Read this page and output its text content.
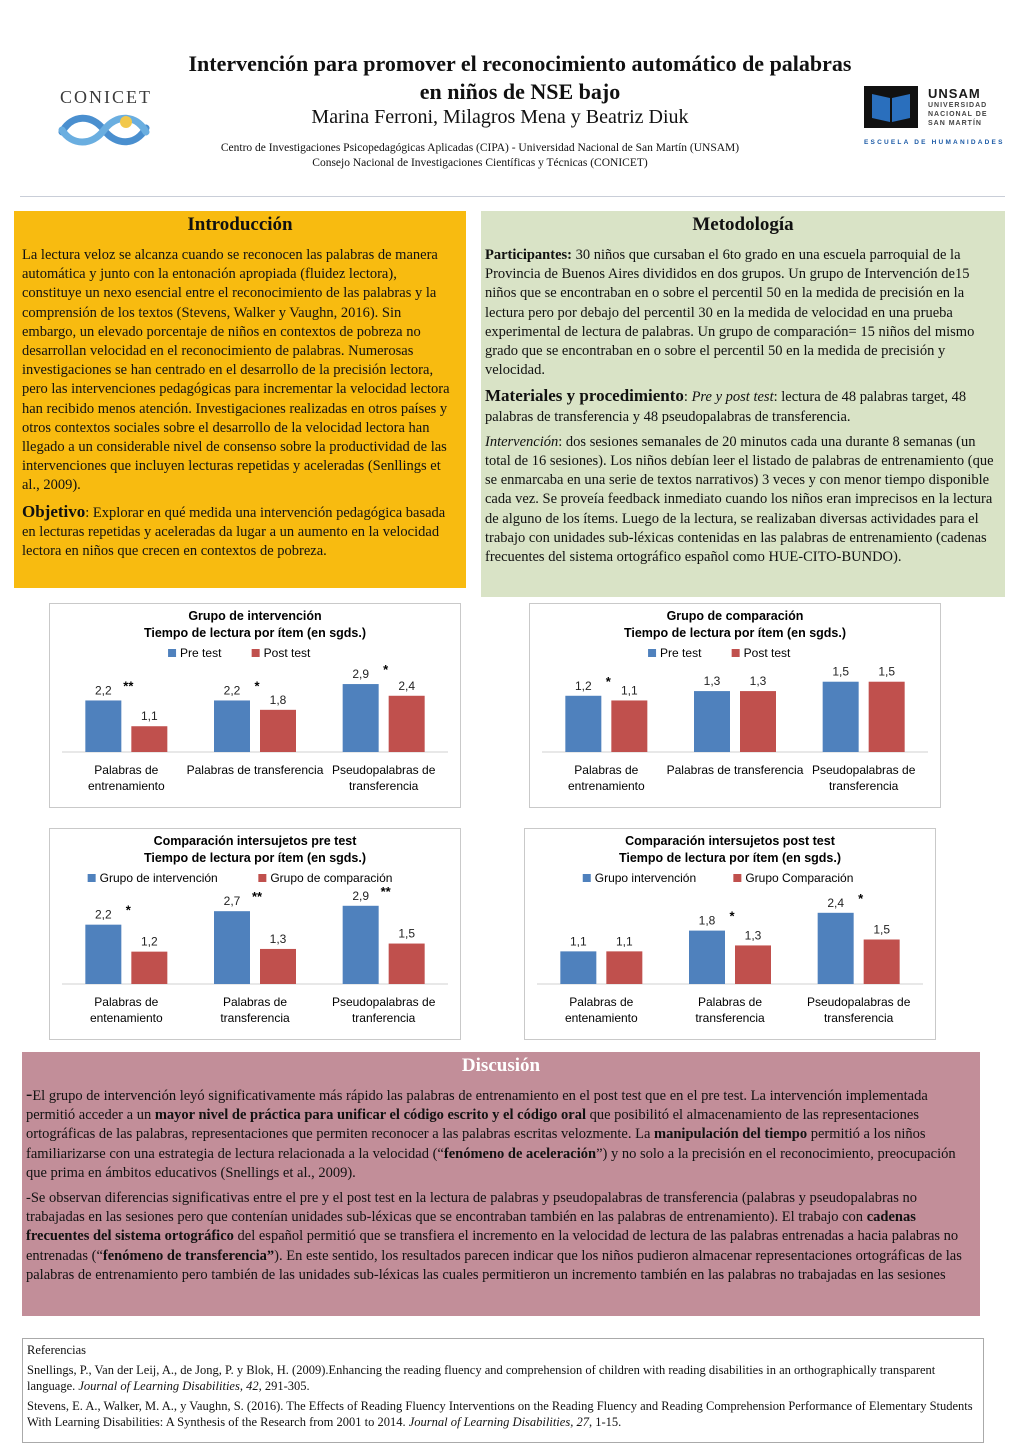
Intervención para promover el reconocimiento automático de palabras
en niños de NSE bajo
Marina Ferroni, Milagros Mena y Beatriz Diuk
Centro de Investigaciones Psicopedagógicas Aplicadas (CIPA) - Universidad Nacional de San Martín (UNSAM)
Consejo Nacional de Investigaciones Científicas y Técnicas (CONICET)
CONICET	UNSAM
UNIVERSIDAD
NACIONAL DE
SAN MARTÍN
ESCUELA DE HUMANIDADES
Introducción

La lectura veloz se alcanza cuando se reconocen las palabras de manera automática y junto con la entonación apropiada (fluidez lectora), constituye un nexo esencial entre el reconocimiento de las palabras y la comprensión de los textos (Stevens, Walker y Vaughn, 2016). Sin embargo, un elevado porcentaje de niños en contextos de pobreza no desarrollan velocidad en el reconocimiento de palabras. Numerosas investigaciones se han centrado en el desarrollo de la precisión lectora, pero las intervenciones pedagógicas para incrementar la velocidad lectora han recibido menos atención. Investigaciones realizadas en otros países y otros contextos sociales sobre el desarrollo de la velocidad lectora han llegado a un considerable nivel de consenso sobre la productividad de las intervenciones que incluyen lecturas repetidas y aceleradas (Senllings et al., 2009).

Objetivo: Explorar en qué medida una intervención pedagógica basada en lecturas repetidas y aceleradas da lugar a un aumento en la velocidad lectora en niños que crecen en contextos de pobreza.

Metodología

Participantes: 30 niños que cursaban el 6to grado en una escuela parroquial de la Provincia de Buenos Aires divididos en dos grupos. Un grupo de Intervención de15 niños que se encontraban en o sobre el percentil 50 en la medida de precisión en la lectura pero por debajo del percentil 30 en la medida de velocidad en una prueba experimental de lectura de palabras. Un grupo de comparación= 15 niños del mismo grado que se encontraban en o sobre el percentil 50 en la medida de precisión y velocidad.

Materiales y procedimiento: Pre y post test: lectura de 48 palabras target, 48 palabras de transferencia y 48 pseudopalabras de transferencia.

Intervención: dos sesiones semanales de 20 minutos cada una durante 8 semanas (un total de 16 sesiones). Los niños debían leer el listado de palabras de entrenamiento (que se enmarcaba en una serie de textos narrativos) 3 veces y con menor tiempo disponible cada vez. Se proveía feedback inmediato cuando los niños eran imprecisos en la lectura de alguno de los ítems. Luego de la lectura, se realizaban diversas actividades para el trabajo con unidades sub-léxicas contenidas en las palabras de entrenamiento (cadenas frecuentes del sistema ortográfico español como HUE-CITO-BUNDO).

Grupo de intervención
Tiempo de lectura por ítem (en sgds.)
Pre test	Post test
2,2
1,1
**
Palabras de
entrenamiento
2,2
1,8
*
Palabras de transferencia
2,9
2,4
*
Pseudopalabras de
transferencia
Grupo de comparación
Tiempo de lectura por ítem (en sgds.)
Pre test	Post test
1,2 1,1
*
Palabras de
entrenamiento
1,3 1,3
Palabras de transferencia
1,5 1,5
Pseudopalabras de
transferencia
Comparación intersujetos pre test
Tiempo de lectura por ítem (en sgds.)
Grupo de intervención	Grupo de comparación
2,2
1,2
*
Palabras de
entenamiento
2,7
1,3
**
Palabras de
transferencia
2,9
1,5
**
Pseudopalabras de
tranferencia
Comparación intersujetos post test
Tiempo de lectura por ítem (en sgds.)
Grupo intervención	Grupo Comparación
1,1 1,1
Palabras de
entenamiento
1,8
1,3
*
Palabras de
transferencia
2,4
1,5
*
Pseudopalabras de
transferencia
Discusión

-El grupo de intervención leyó significativamente más rápido las palabras de entrenamiento en el post test que en el pre test. La intervención implementada permitió acceder a un mayor nivel de práctica para unificar el código escrito y el código oral que posibilitó el almacenamiento de las representaciones ortográficas de las palabras, representaciones que permiten reconocer a las palabras escritas velozmente. La manipulación del tiempo permitió a los niños familiarizarse con una estrategia de lectura relacionada a la velocidad (“fenómeno de aceleración”) y no solo a la precisión en el reconocimiento, preocupación que prima en ámbitos educativos (Snellings et al., 2009).

-Se observan diferencias significativas entre el pre y el post test en la lectura de palabras y pseudopalabras de transferencia (palabras y pseudopalabras no trabajadas en las sesiones pero que contenían unidades sub-léxicas que se encontraban también en las palabras de entrenamiento). El trabajo con cadenas frecuentes del sistema ortográfico del español permitió que se transfiera el incremento en la velocidad de lectura de las palabras entrenadas a hacia palabras no entrenadas (“fenómeno de transferencia”). En este sentido, los resultados parecen indicar que los niños pudieron almacenar representaciones ortográficas de las palabras de entrenamiento pero también de las unidades sub-léxicas las cuales permitieron un incremento también en las palabras no trabajadas en las sesiones

Referencias

Snellings, P., Van der Leij, A., de Jong, P. y Blok, H. (2009).Enhancing the reading fluency and comprehension of children with reading disabilities in an orthographically transparent language. Journal of Learning Disabilities, 42, 291-305.

Stevens, E. A., Walker, M. A., y Vaughn, S. (2016). The Effects of Reading Fluency Interventions on the Reading Fluency and Reading Comprehension Performance of Elementary Students With Learning Disabilities: A Synthesis of the Research from 2001 to 2014. Journal of Learning Disabilities, 27, 1-15.
